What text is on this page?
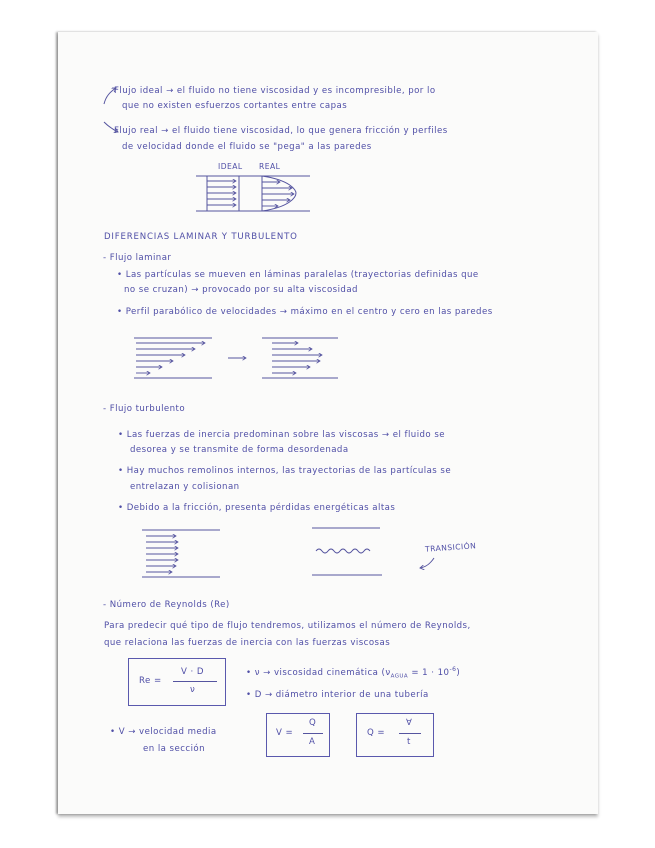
Flujo ideal → el fluido no tiene viscosidad y es incompresible, por lo
que no existen esfuerzos cortantes entre capas
Flujo real → el fluido tiene viscosidad, lo que genera fricción y perfiles
de velocidad donde el fluido se "pega" a las paredes
IDEAL REAL
DIFERENCIAS LAMINAR Y TURBULENTO
- Flujo laminar
• Las partículas se mueven en láminas paralelas (trayectorias definidas que
no se cruzan) → provocado por su alta viscosidad
• Perfil parabólico de velocidades → máximo en el centro y cero en las paredes
- Flujo turbulento
• Las fuerzas de inercia predominan sobre las viscosas → el fluido se
desorea y se transmite de forma desordenada
• Hay muchos remolinos internos, las trayectorias de las partículas se
entrelazan y colisionan
• Debido a la fricción, presenta pérdidas energéticas altas
TRANSICIÓN
- Número de Reynolds (Re)
Para predecir qué tipo de flujo tendremos, utilizamos el número de Reynolds,
que relaciona las fuerzas de inercia con las fuerzas viscosas
Re =
V · D
ν
• ν → viscosidad cinemática $(\nu_{AGUA} = 1 \cdot 10^{-6})$
• D → diámetro interior de una tubería
• V → velocidad media
en la sección
V =
Q
A
Q =
∀
t
